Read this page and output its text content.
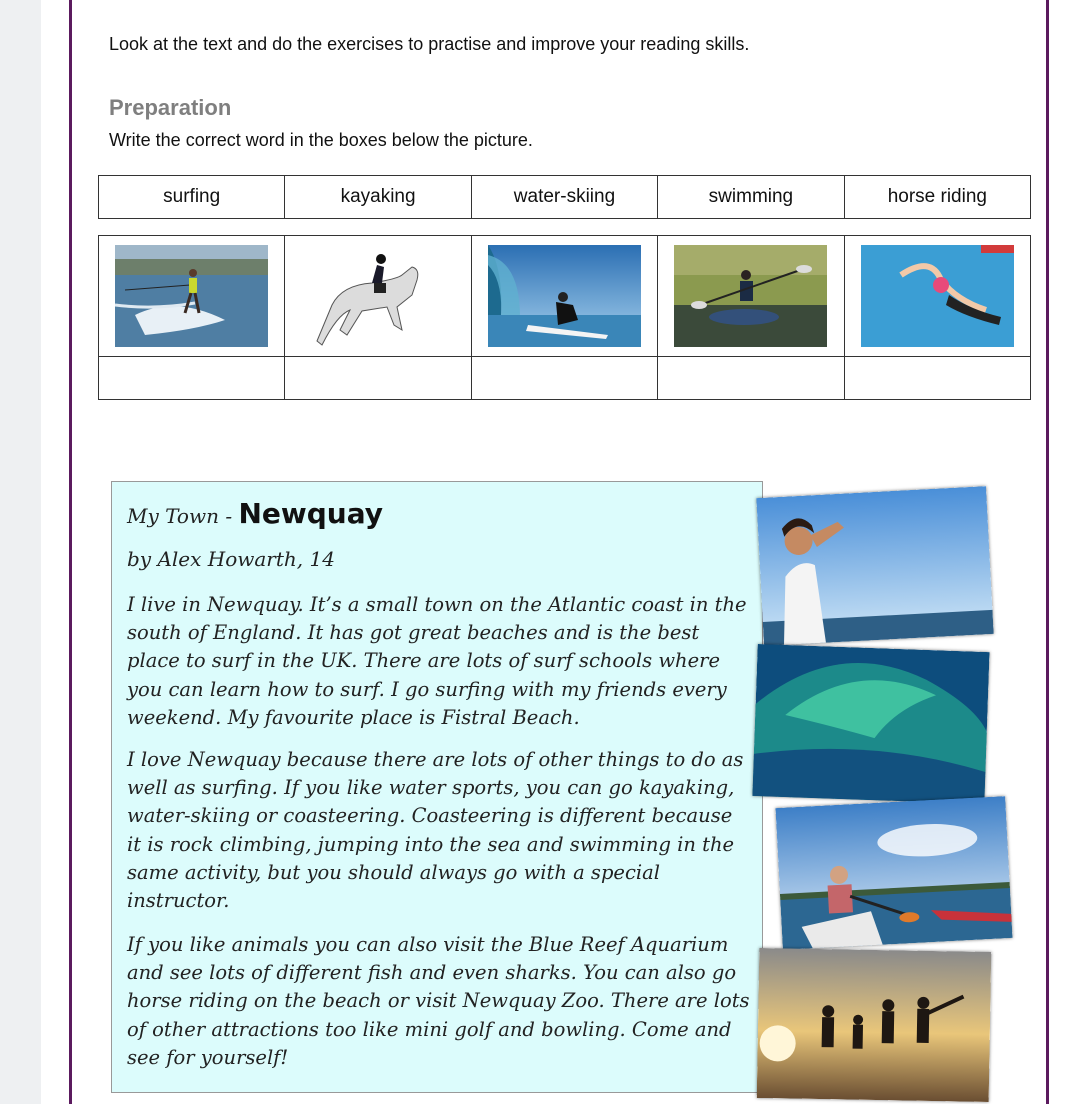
Look at the text and do the exercises to practise and improve your reading skills.
Preparation
Write the correct word in the boxes below the picture.
surfing	kayaking	water-skiing	swimming	horse riding

My Town - Newquay
by Alex Howarth, 14
I live in Newquay. It’s a small town on the Atlantic coast in the south of England. It has got great beaches and is the best place to surf in the UK. There are lots of surf schools where you can learn how to surf. I go surfing with my friends every weekend. My favourite place is Fistral Beach.
I love Newquay because there are lots of other things to do as well as surfing. If you like water sports, you can go kayaking, water-skiing or coasteering. Coasteering is different because it is rock climbing, jumping into the sea and swimming in the same activity, but you should always go with a special instructor.
If you like animals you can also visit the Blue Reef Aquarium and see lots of different fish and even sharks. You can also go horse riding on the beach or visit Newquay Zoo. There are lots of other attractions too like mini golf and bowling. Come and see for yourself!
